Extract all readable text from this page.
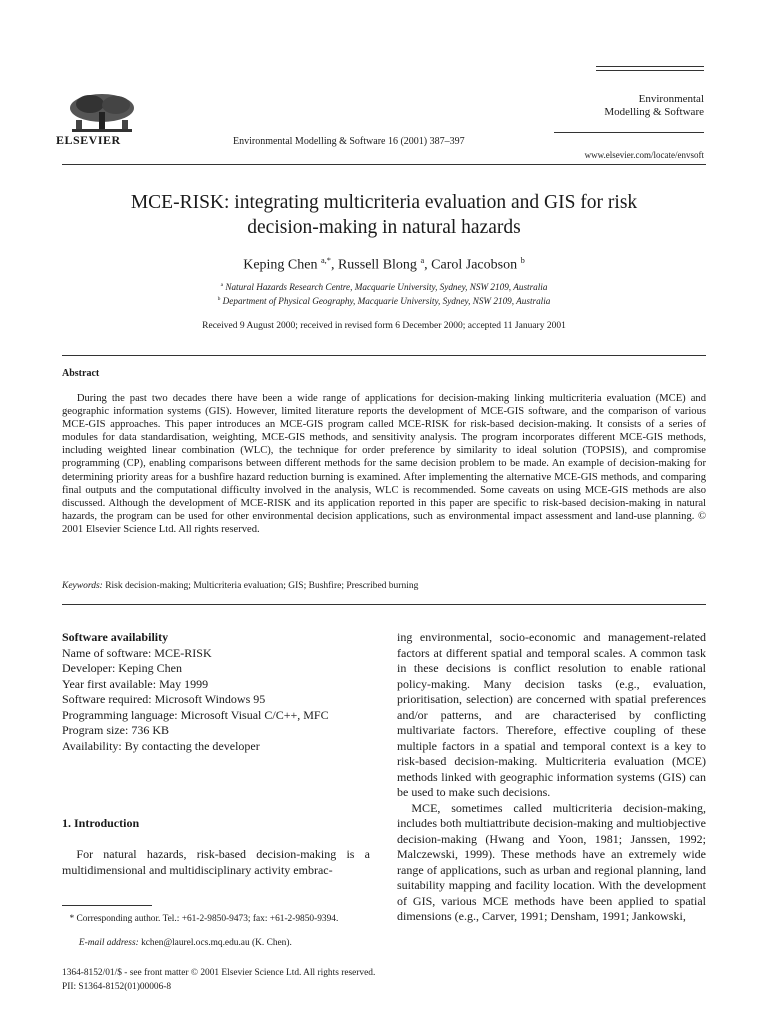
ELSEVIER	Environmental Modelling & Software 16 (2001) 387–397
Environmental
Modelling & Software
www.elsevier.com/locate/envsoft
MCE-RISK: integrating multicriteria evaluation and GIS for risk
decision-making in natural hazards
Keping Chen $^{a,*}$, Russell Blong $^a$, Carol Jacobson $^b$
$^a$ Natural Hazards Research Centre, Macquarie University, Sydney, NSW 2109, Australia
$^b$ Department of Physical Geography, Macquarie University, Sydney, NSW 2109, Australia
Received 9 August 2000; received in revised form 6 December 2000; accepted 11 January 2001
Abstract
During the past two decades there have been a wide range of applications for decision-making linking multicriteria evaluation (MCE) and geographic information systems (GIS). However, limited literature reports the development of MCE-GIS software, and the comparison of various MCE-GIS approaches. This paper introduces an MCE-GIS program called MCE-RISK for risk-based decision-making. It consists of a series of modules for data standardisation, weighting, MCE-GIS methods, and sensitivity analysis. The program incorporates different MCE-GIS methods, including weighted linear combination (WLC), the technique for order preference by similarity to ideal solution (TOPSIS), and compromise programming (CP), enabling comparisons between different methods for the same decision problem to be made. An example of decision-making for determining priority areas for a bushfire hazard reduction burning is examined. After implementing the alternative MCE-GIS methods, and comparing final outputs and the computational difficulty involved in the analysis, WLC is recommended. Some caveats on using MCE-GIS methods are also discussed. Although the development of MCE-RISK and its application reported in this paper are specific to risk-based decision-making in natural hazards, the program can be used for other environmental decision applications, such as environmental impact assessment and land-use planning. © 2001 Elsevier Science Ltd. All rights reserved.
Keywords: Risk decision-making; Multicriteria evaluation; GIS; Bushfire; Prescribed burning
Software availability
Name of software: MCE-RISK
Developer: Keping Chen
Year first available: May 1999
Software required: Microsoft Windows 95
Programming language: Microsoft Visual C/C++, MFC
Program size: 736 KB
Availability: By contacting the developer
1. Introduction
For natural hazards, risk-based decision-making is a multidimensional and multidisciplinary activity embrac-
* Corresponding author. Tel.: +61-2-9850-9473; fax: +61-2-9850-9394.
E-mail address: kchen@laurel.ocs.mq.edu.au (K. Chen).

ing environmental, socio-economic and management-related factors at different spatial and temporal scales. A common task in these decisions is conflict resolution to enable rational policy-making. Many decision tasks (e.g., evaluation, prioritisation, selection) are concerned with spatial preferences and/or patterns, and are characterised by conflicting multivariate factors. Therefore, effective coupling of these multiple factors in a spatial and temporal context is a key to risk-based decision-making. Multicriteria evaluation (MCE) methods linked with geographic information systems (GIS) can be used to make such decisions.

MCE, sometimes called multicriteria decision-making, includes both multiattribute decision-making and multiobjective decision-making (Hwang and Yoon, 1981; Janssen, 1992; Malczewski, 1999). These methods have an extremely wide range of applications, such as urban and regional planning, land suitability mapping and facility location. With the development of GIS, various MCE methods have been applied to spatial dimensions (e.g., Carver, 1991; Densham, 1991; Jankowski,

1364-8152/01/$ - see front matter © 2001 Elsevier Science Ltd. All rights reserved.
PII: S1364-8152(01)00006-8
